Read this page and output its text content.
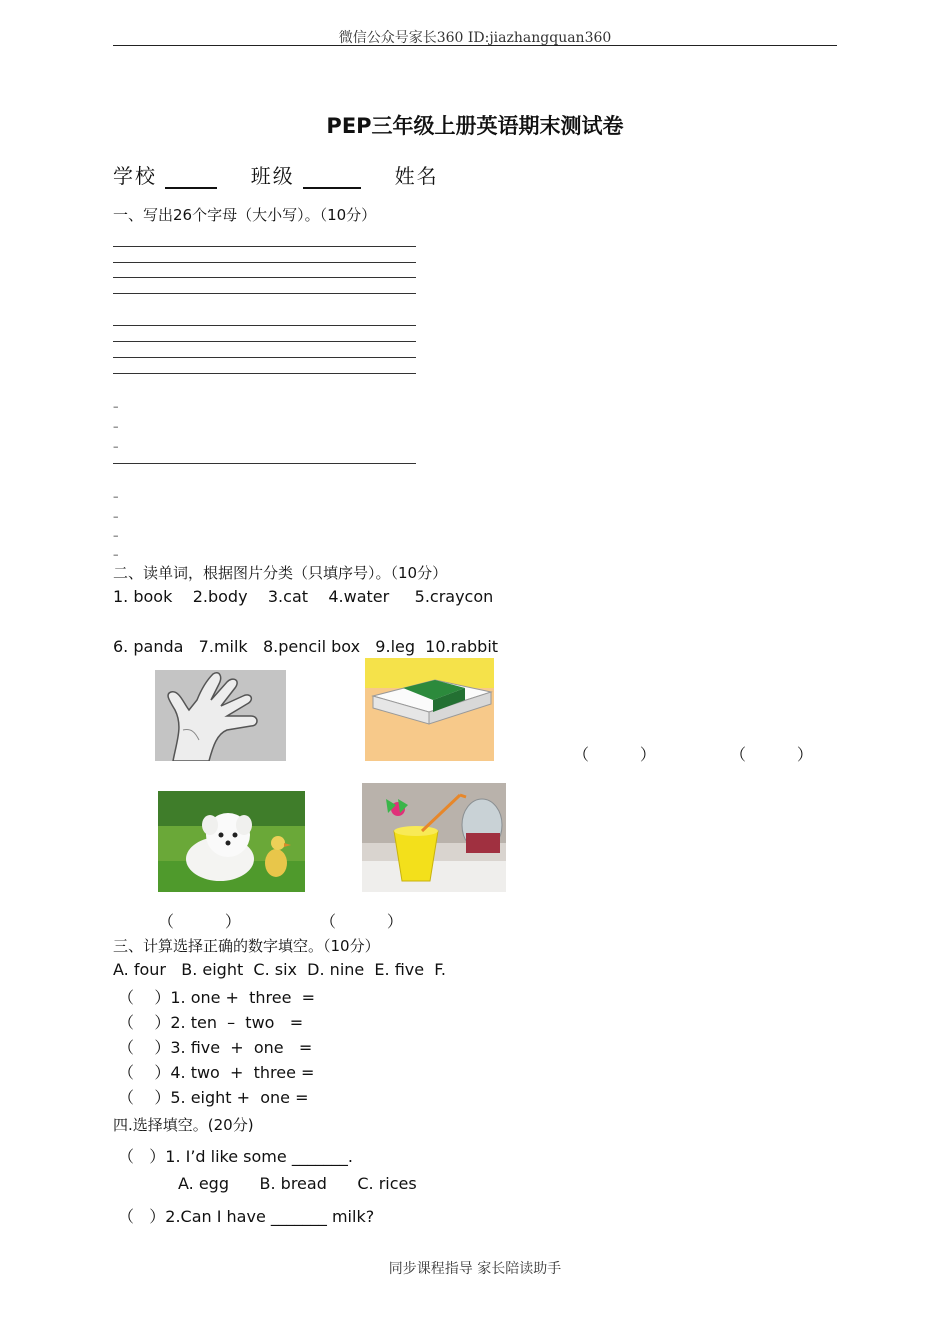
微信公众号家长360 ID:jiazhangquan360
PEP三年级上册英语期末测试卷
学校	班级	姓名
一、写出26个字母（大小写）。（10分）
–
–
–
–
–
–
–
二、读单词，根据图片分类（只填序号）。（10分）
1. book    2.body    3.cat    4.water     5.craycon
6. panda   7.milk   8.pencil box   9.leg  10.rabbit
（          ）	（          ）
（          ）	（          ）
三、计算选择正确的数字填空。（10分）
A. four   B. eight  C. six  D. nine  E. five  F.
（    ）1. one +  three  =
（    ）2. ten  –  two   =
（    ）3. five  +  one   =
（    ）4. two  +  three =
（    ）5. eight +  one =
四.选择填空。(20分)
（   ）1. I’d like some _______.
A. egg      B. bread      C. rices
（   ）2.Can I have _______ milk?
同步课程指导 家长陪读助手
